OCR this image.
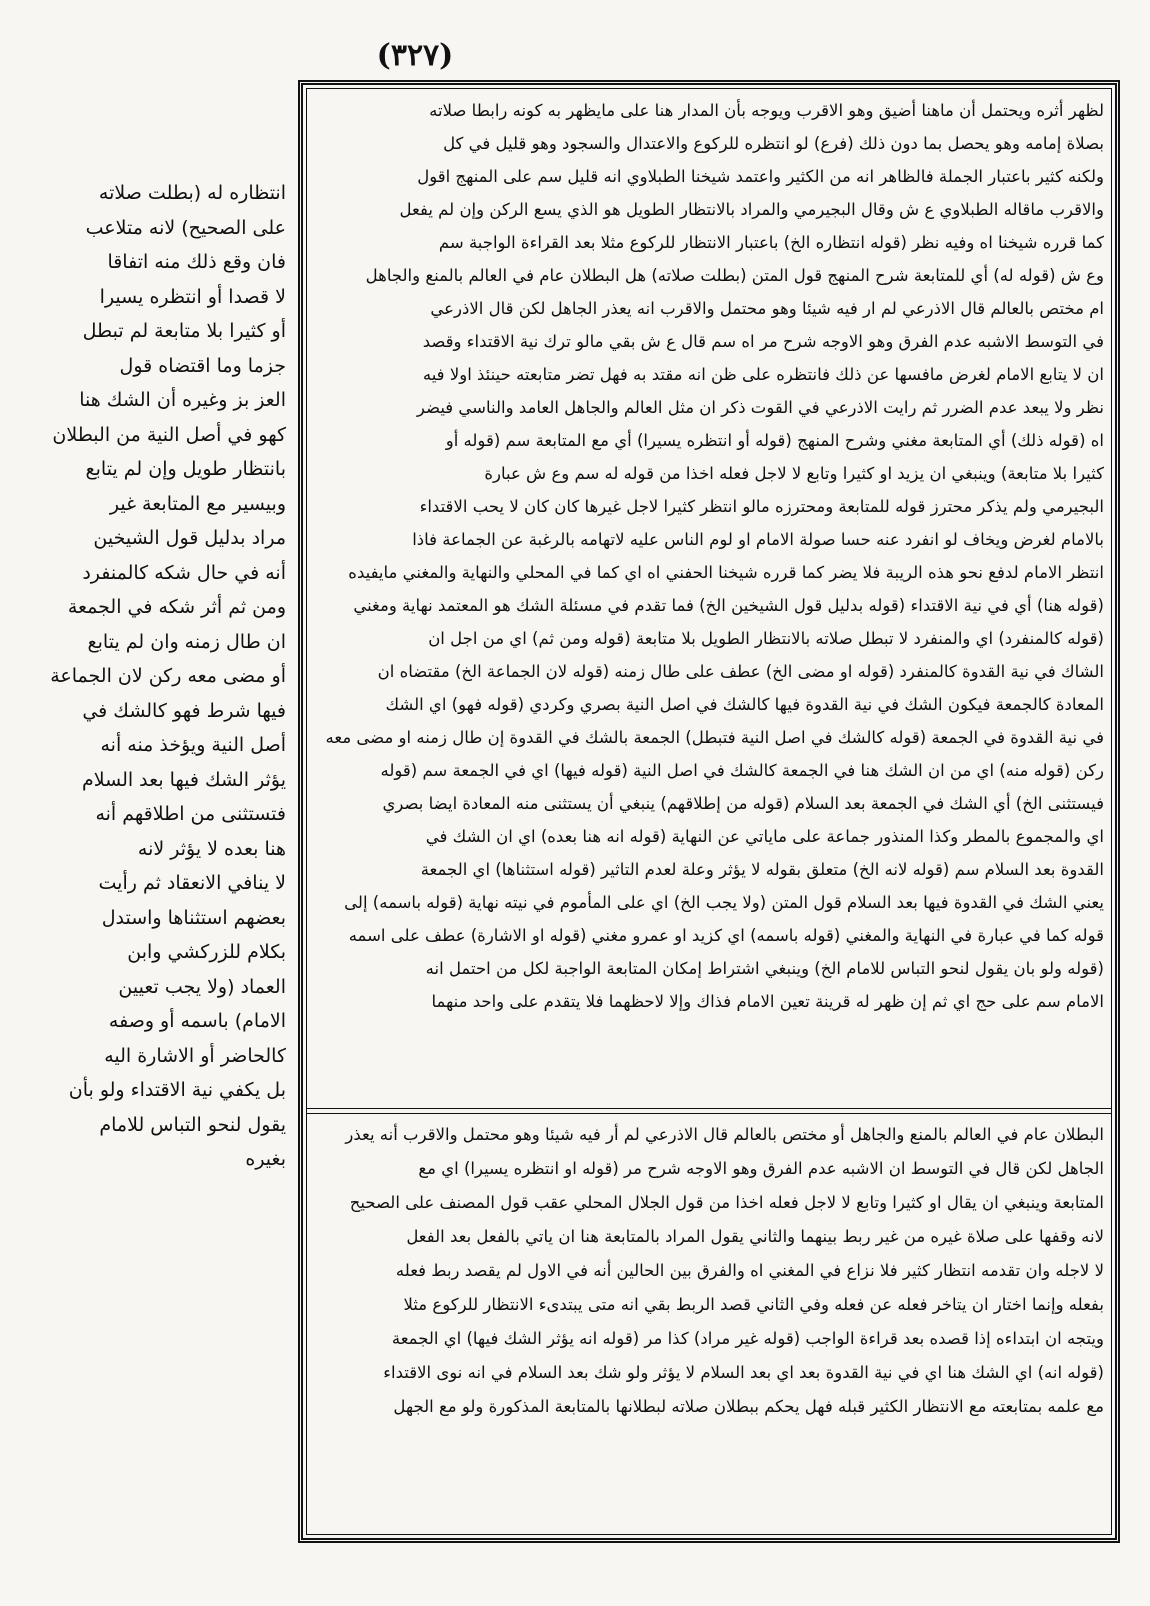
(٣٢٧)
لظهر أثره ويحتمل أن ماهنا أضيق وهو الاقرب ويوجه بأن المدار هنا على مايظهر به كونه رابطا صلاته
بصلاة إمامه وهو يحصل بما دون ذلك (فرع) لو انتظره للركوع والاعتدال والسجود وهو قليل في كل
ولكنه كثير باعتبار الجملة فالظاهر انه من الكثير واعتمد شيخنا الطبلاوي انه قليل سم على المنهج اقول
والاقرب ماقاله الطبلاوي ع ش وقال البجيرمي والمراد بالانتظار الطويل هو الذي يسع الركن وإن لم يفعل
كما قرره شيخنا اه وفيه نظر (قوله انتظاره الخ) باعتبار الانتظار للركوع مثلا بعد القراءة الواجبة سم
وع ش (قوله له) أي للمتابعة شرح المنهج قول المتن (بطلت صلاته) هل البطلان عام في العالم بالمنع والجاهل
ام مختص بالعالم قال الاذرعي لم ار فيه شيئا وهو محتمل والاقرب انه يعذر الجاهل لكن قال الاذرعي
في التوسط الاشبه عدم الفرق وهو الاوجه شرح مر اه سم قال ع ش بقي مالو ترك نية الاقتداء وقصد
ان لا يتابع الامام لغرض مافسها عن ذلك فانتظره على ظن انه مقتد به فهل تضر متابعته حينئذ اولا فيه
نظر ولا يبعد عدم الضرر ثم رايت الاذرعي في القوت ذكر ان مثل العالم والجاهل العامد والناسي فيضر
اه (قوله ذلك) أي المتابعة مغني وشرح المنهج (قوله أو انتظره يسيرا) أي مع المتابعة سم (قوله أو
كثيرا بلا متابعة) وينبغي ان يزيد او كثيرا وتابع لا لاجل فعله اخذا من قوله له سم وع ش عبارة
البجيرمي ولم يذكر محترز قوله للمتابعة ومحترزه مالو انتظر كثيرا لاجل غيرها كان كان لا يحب الاقتداء
بالامام لغرض ويخاف لو انفرد عنه حسا صولة الامام او لوم الناس عليه لاتهامه بالرغبة عن الجماعة فاذا
انتظر الامام لدفع نحو هذه الريبة فلا يضر كما قرره شيخنا الحفني اه اي كما في المحلي والنهاية والمغني مايفيده
(قوله هنا) أي في نية الاقتداء (قوله بدليل قول الشيخين الخ) فما تقدم في مسئلة الشك هو المعتمد نهاية ومغني
(قوله كالمنفرد) اي والمنفرد لا تبطل صلاته بالانتظار الطويل بلا متابعة (قوله ومن ثم) اي من اجل ان
الشاك في نية القدوة كالمنفرد (قوله او مضى الخ) عطف على طال زمنه (قوله لان الجماعة الخ) مقتضاه ان
المعادة كالجمعة فيكون الشك في نية القدوة فيها كالشك في اصل النية بصري وكردي (قوله فهو) اي الشك
في نية القدوة في الجمعة (قوله كالشك في اصل النية فتبطل) الجمعة بالشك في القدوة إن طال زمنه او مضى معه
ركن (قوله منه) اي من ان الشك هنا في الجمعة كالشك في اصل النية (قوله فيها) اي في الجمعة سم (قوله
فيستثنى الخ) أي الشك في الجمعة بعد السلام (قوله من إطلاقهم) ينبغي أن يستثنى منه المعادة ايضا بصري
اي والمجموع بالمطر وكذا المنذور جماعة على ماياتي عن النهاية (قوله انه هنا بعده) اي ان الشك في
القدوة بعد السلام سم (قوله لانه الخ) متعلق بقوله لا يؤثر وعلة لعدم التاثير (قوله استثناها) اي الجمعة
يعني الشك في القدوة فيها بعد السلام قول المتن (ولا يجب الخ) اي على المأموم في نيته نهاية (قوله باسمه) إلى
قوله كما في عبارة في النهاية والمغني (قوله باسمه) اي كزيد او عمرو مغني (قوله او الاشارة) عطف على اسمه
(قوله ولو بان يقول لنحو التباس للامام الخ) وينبغي اشتراط إمكان المتابعة الواجبة لكل من احتمل انه
الامام سم على حج اي ثم إن ظهر له قرينة تعين الامام فذاك وإلا لاحظهما فلا يتقدم على واحد منهما
البطلان عام في العالم بالمنع والجاهل أو مختص بالعالم قال الاذرعي لم أر فيه شيئا وهو محتمل والاقرب أنه يعذر
الجاهل لكن قال في التوسط ان الاشبه عدم الفرق وهو الاوجه شرح مر (قوله او انتظره يسيرا) اي مع
المتابعة وينبغي ان يقال او كثيرا وتابع لا لاجل فعله اخذا من قول الجلال المحلي عقب قول المصنف على الصحيح
لانه وقفها على صلاة غيره من غير ربط بينهما والثاني يقول المراد بالمتابعة هنا ان ياتي بالفعل بعد الفعل
لا لاجله وان تقدمه انتظار كثير فلا نزاع في المغني اه والفرق بين الحالين أنه في الاول لم يقصد ربط فعله
بفعله وإنما اختار ان يتاخر فعله عن فعله وفي الثاني قصد الربط بقي انه متى يبتدىء الانتظار للركوع مثلا
ويتجه ان ابتداءه إذا قصده بعد قراءة الواجب (قوله غير مراد) كذا مر (قوله انه يؤثر الشك فيها) اي الجمعة
(قوله انه) اي الشك هنا اي في نية القدوة بعد اي بعد السلام لا يؤثر ولو شك بعد السلام في انه نوى الاقتداء
مع علمه بمتابعته مع الانتظار الكثير قبله فهل يحكم ببطلان صلاته لبطلانها بالمتابعة المذكورة ولو مع الجهل
انتظاره له (بطلت صلاته
على الصحيح) لانه متلاعب
فان وقع ذلك منه اتفاقا
لا قصدا أو انتظره يسيرا
أو كثيرا بلا متابعة لم تبطل
جزما وما اقتضاه قول
العز بز وغيره أن الشك هنا
كهو في أصل النية من البطلان
بانتظار طويل وإن لم يتابع
وبيسير مع المتابعة غير
مراد بدليل قول الشيخين
أنه في حال شكه كالمنفرد
ومن ثم أثر شكه في الجمعة
ان طال زمنه وان لم يتابع
أو مضى معه ركن لان الجماعة
فيها شرط فهو كالشك في
أصل النية ويؤخذ منه أنه
يؤثر الشك فيها بعد السلام
فتستثنى من اطلاقهم أنه
هنا بعده لا يؤثر لانه
لا ينافي الانعقاد ثم رأيت
بعضهم استثناها واستدل
بكلام للزركشي وابن
العماد (ولا يجب تعيين
الامام) باسمه أو وصفه
كالحاضر أو الاشارة اليه
بل يكفي نية الاقتداء ولو بأن
يقول لنحو التباس للامام
بغيره
